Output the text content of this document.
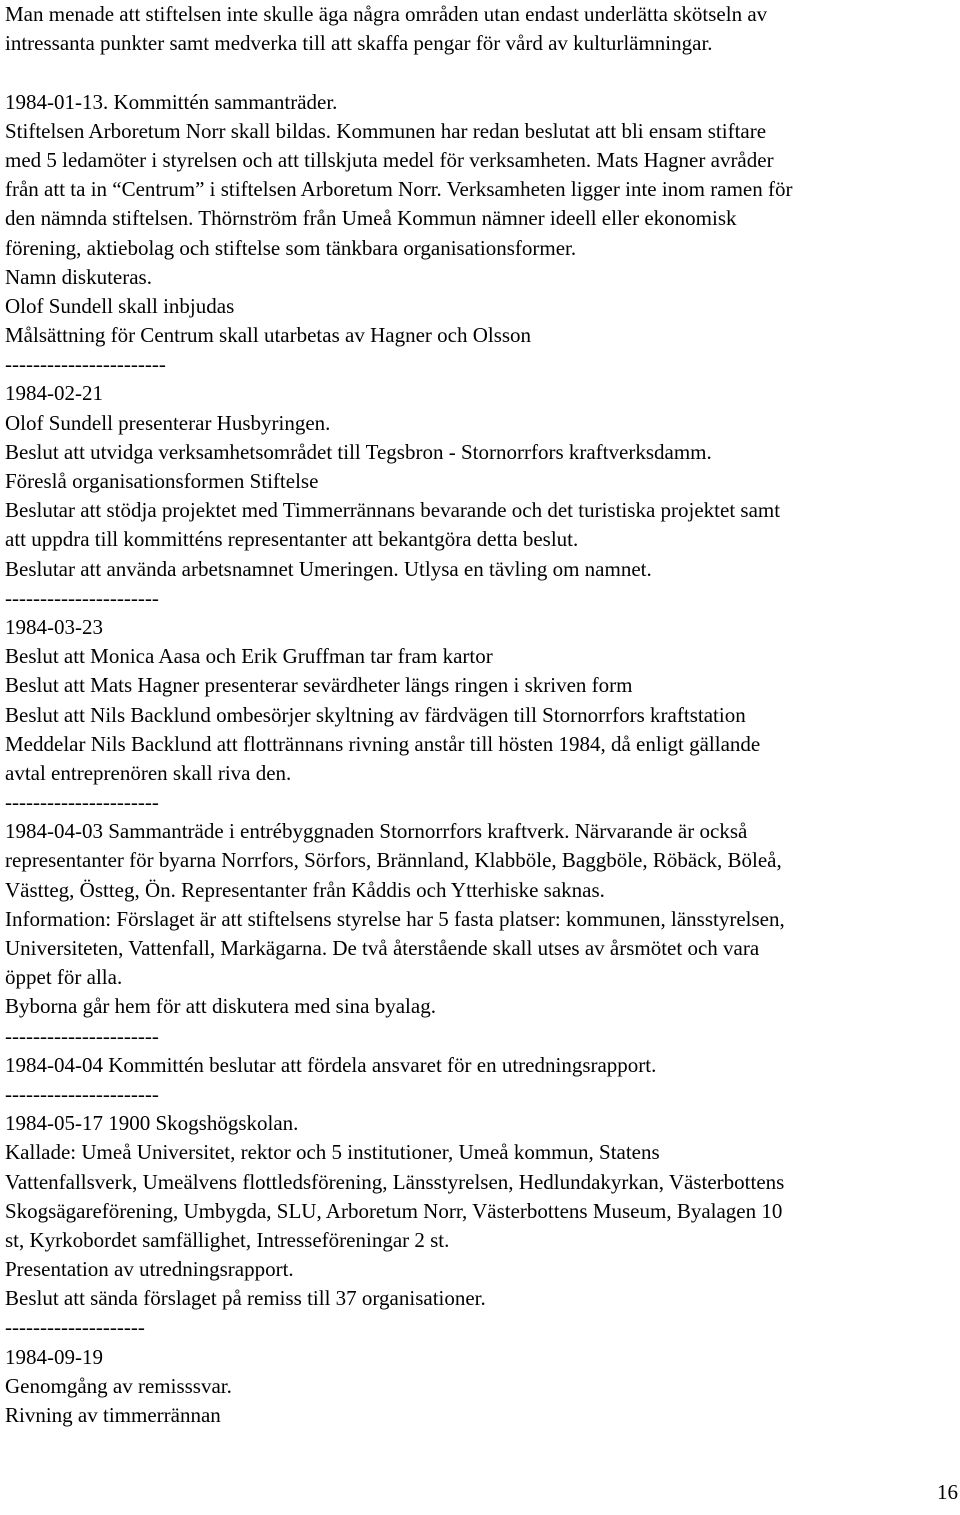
Man menade att stiftelsen inte skulle äga några områden utan endast underlätta skötseln av
intressanta punkter samt medverka till att skaffa pengar för vård av kulturlämningar.
1984-01-13. Kommittén sammanträder.
Stiftelsen Arboretum Norr skall bildas. Kommunen har redan beslutat att bli ensam stiftare
med 5 ledamöter i styrelsen och att tillskjuta medel för verksamheten. Mats Hagner avråder
från att ta in “Centrum” i stiftelsen Arboretum Norr. Verksamheten ligger inte inom ramen för
den nämnda stiftelsen. Thörnström från Umeå Kommun nämner ideell eller ekonomisk
förening, aktiebolag och stiftelse som tänkbara organisationsformer.
Namn diskuteras.
Olof Sundell skall inbjudas
Målsättning för Centrum skall utarbetas av Hagner och Olsson
-----------------------
1984-02-21
Olof Sundell presenterar Husbyringen.
Beslut att utvidga verksamhetsområdet till Tegsbron - Stornorrfors kraftverksdamm.
Föreslå organisationsformen Stiftelse
Beslutar att stödja projektet med Timmerrännans bevarande och det turistiska projektet samt
att uppdra till kommitténs representanter att bekantgöra detta beslut.
Beslutar att använda arbetsnamnet Umeringen. Utlysa en tävling om namnet.
----------------------
1984-03-23
Beslut att Monica Aasa och Erik Gruffman tar fram kartor
Beslut att Mats Hagner presenterar sevärdheter längs ringen i skriven form
Beslut att Nils Backlund ombesörjer skyltning av färdvägen till Stornorrfors kraftstation
Meddelar Nils Backlund att flottrännans rivning anstår till hösten 1984, då enligt gällande
avtal entreprenören skall riva den.
----------------------
1984-04-03 Sammanträde i entrébyggnaden Stornorrfors kraftverk. Närvarande är också
representanter för byarna Norrfors, Sörfors, Brännland, Klabböle, Baggböle, Röbäck, Böleå,
Västteg, Östteg, Ön. Representanter från Kåddis och Ytterhiske saknas.
Information: Förslaget är att stiftelsens styrelse har 5 fasta platser: kommunen, länsstyrelsen,
Universiteten, Vattenfall, Markägarna. De två återstående skall utses av årsmötet och vara
öppet för alla.
Byborna går hem för att diskutera med sina byalag.
----------------------
1984-04-04 Kommittén beslutar att fördela ansvaret för en utredningsrapport.
----------------------
1984-05-17 1900 Skogshögskolan.
Kallade: Umeå Universitet, rektor och 5 institutioner, Umeå kommun, Statens
Vattenfallsverk, Umeälvens flottledsförening, Länsstyrelsen, Hedlundakyrkan, Västerbottens
Skogsägareförening, Umbygda, SLU, Arboretum Norr, Västerbottens Museum, Byalagen 10
st, Kyrkobordet samfällighet, Intresseföreningar 2 st.
Presentation av utredningsrapport.
Beslut att sända förslaget på remiss till 37 organisationer.
--------------------
1984-09-19
Genomgång av remisssvar.
Rivning av timmerrännan
16
